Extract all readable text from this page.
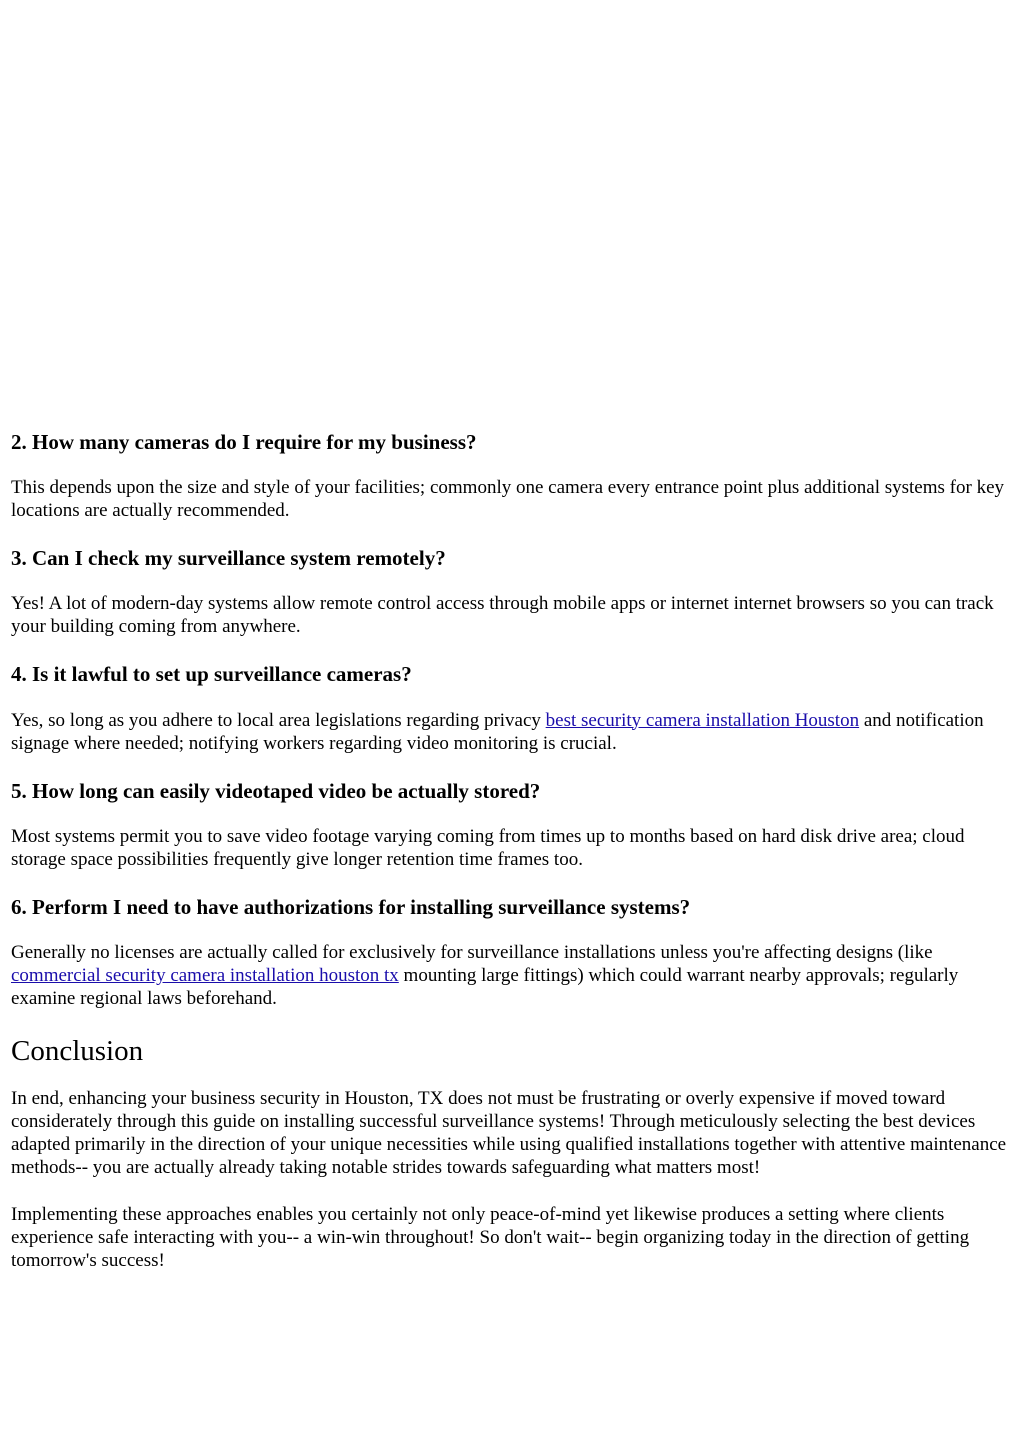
2. How many cameras do I require for my business?

This depends upon the size and style of your facilities; commonly one camera every entrance point plus additional systems for key locations are actually recommended.

3. Can I check my surveillance system remotely?

Yes! A lot of modern-day systems allow remote control access through mobile apps or internet internet browsers so you can track your building coming from anywhere.

4. Is it lawful to set up surveillance cameras?

Yes, so long as you adhere to local area legislations regarding privacy best security camera installation Houston and notification signage where needed; notifying workers regarding video monitoring is crucial.

5. How long can easily videotaped video be actually stored?

Most systems permit you to save video footage varying coming from times up to months based on hard disk drive area; cloud storage space possibilities frequently give longer retention time frames too.

6. Perform I need to have authorizations for installing surveillance systems?

Generally no licenses are actually called for exclusively for surveillance installations unless you're affecting designs (like commercial security camera installation houston tx mounting large fittings) which could warrant nearby approvals; regularly examine regional laws beforehand.

Conclusion

In end, enhancing your business security in Houston, TX does not must be frustrating or overly expensive if moved toward considerately through this guide on installing successful surveillance systems! Through meticulously selecting the best devices adapted primarily in the direction of your unique necessities while using qualified installations together with attentive maintenance methods-- you are actually already taking notable strides towards safeguarding what matters most!

Implementing these approaches enables you certainly not only peace-of-mind yet likewise produces a setting where clients experience safe interacting with you-- a win-win throughout! So don't wait-- begin organizing today in the direction of getting tomorrow's success!
